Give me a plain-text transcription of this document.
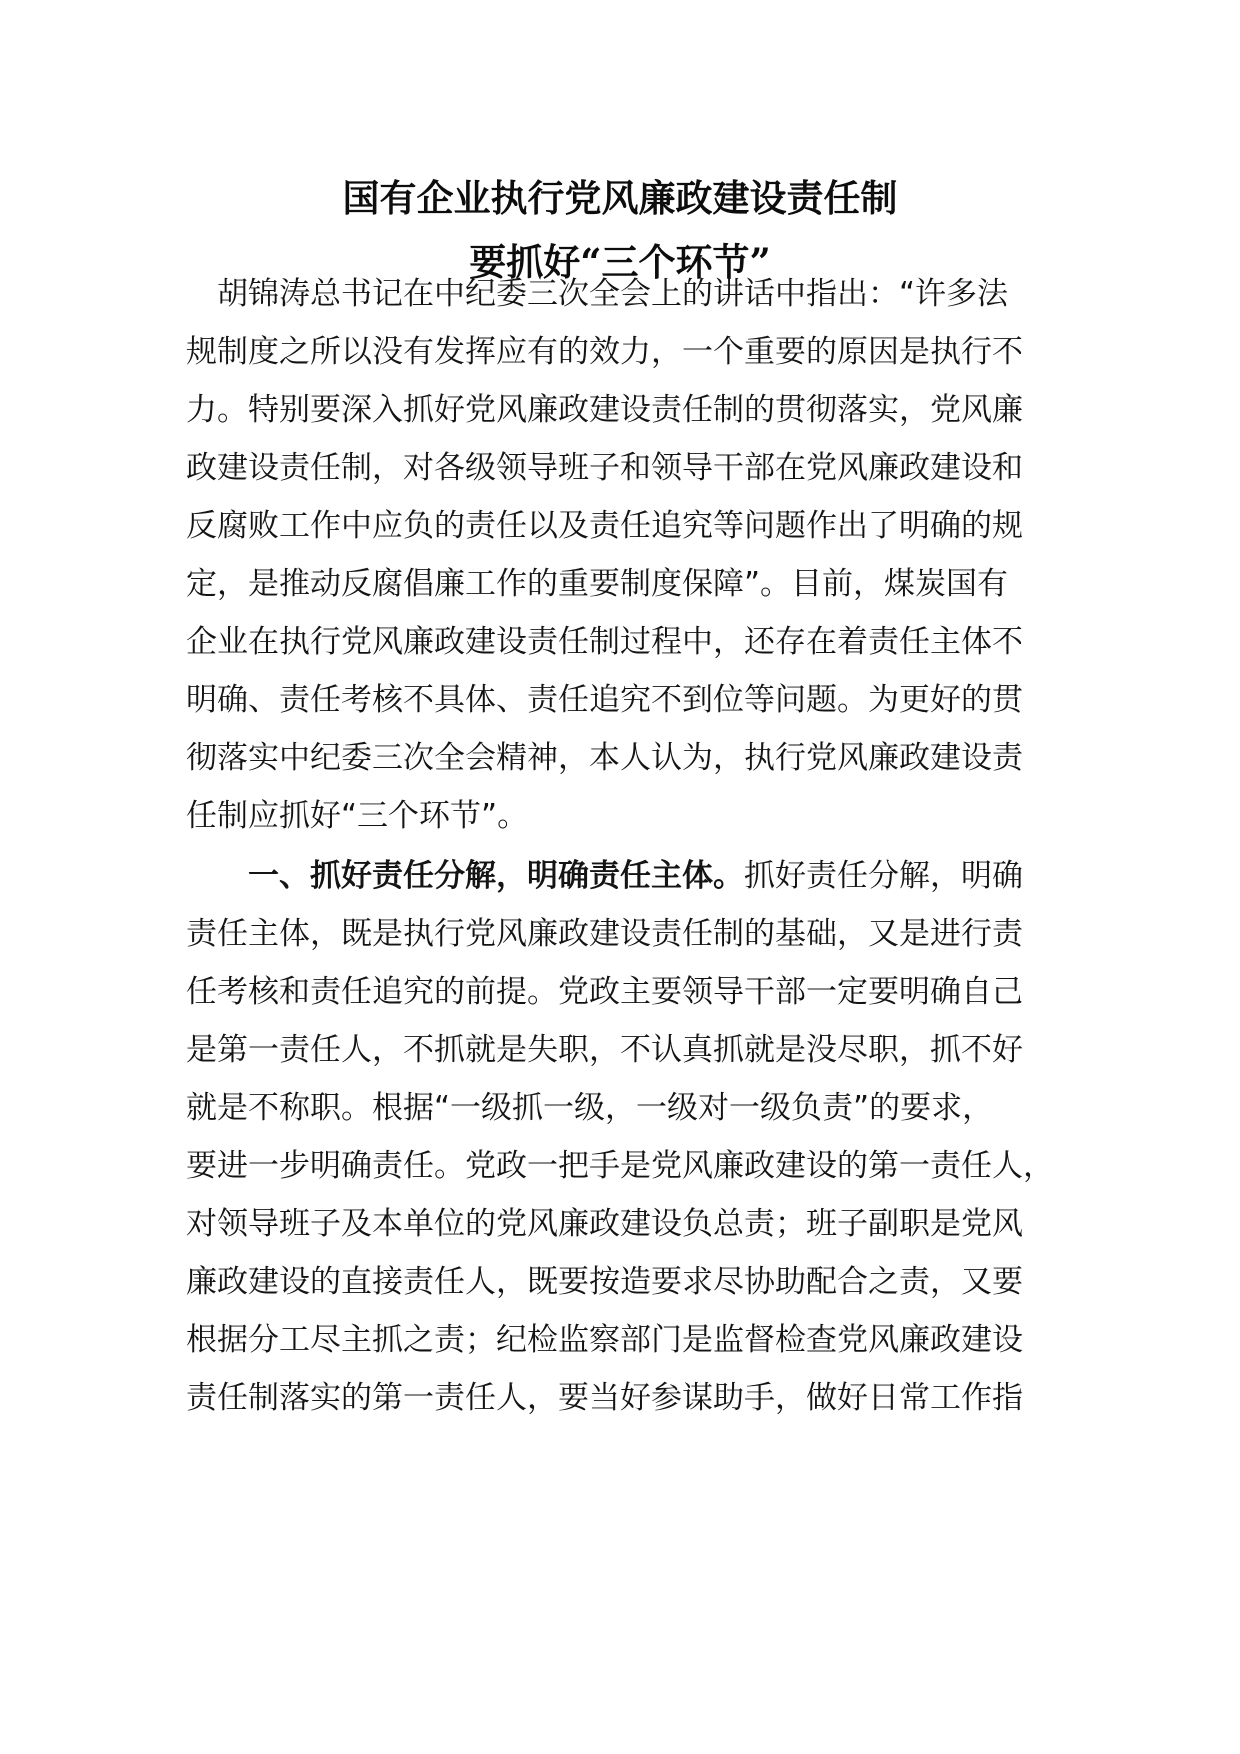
国有企业执行党风廉政建设责任制
要抓好“三个环节”

　胡锦涛总书记在中纪委三次全会上的讲话中指出：“许多法

规制度之所以没有发挥应有的效力，一个重要的原因是执行不

力。特别要深入抓好党风廉政建设责任制的贯彻落实，党风廉

政建设责任制，对各级领导班子和领导干部在党风廉政建设和

反腐败工作中应负的责任以及责任追究等问题作出了明确的规

定，是推动反腐倡廉工作的重要制度保障”。目前，煤炭国有

企业在执行党风廉政建设责任制过程中，还存在着责任主体不

明确、责任考核不具体、责任追究不到位等问题。为更好的贯

彻落实中纪委三次全会精神，本人认为，执行党风廉政建设责

任制应抓好“三个环节”。

一、抓好责任分解，明确责任主体。抓好责任分解，明确

责任主体，既是执行党风廉政建设责任制的基础，又是进行责

任考核和责任追究的前提。党政主要领导干部一定要明确自己

是第一责任人，不抓就是失职，不认真抓就是没尽职，抓不好

就是不称职。根据“一级抓一级，一级对一级负责”的要求，

要进一步明确责任。党政一把手是党风廉政建设的第一责任人，

对领导班子及本单位的党风廉政建设负总责；班子副职是党风

廉政建设的直接责任人，既要按造要求尽协助配合之责，又要

根据分工尽主抓之责；纪检监察部门是监督检查党风廉政建设

责任制落实的第一责任人，要当好参谋助手，做好日常工作指
